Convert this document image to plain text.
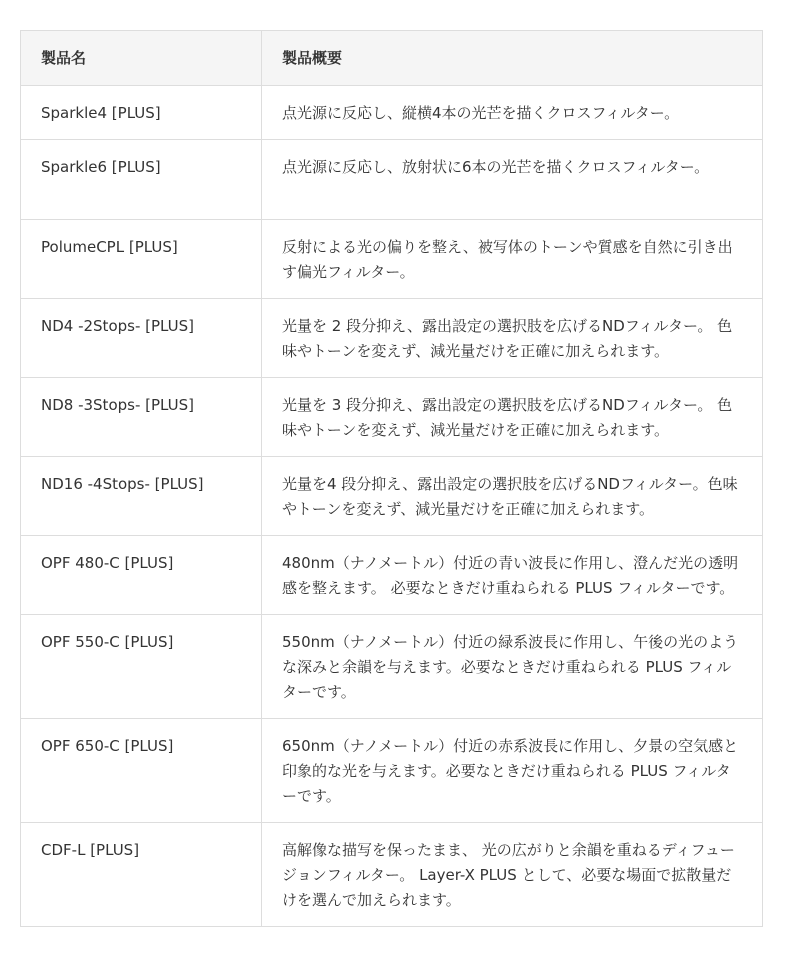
製品名	製品概要
Sparkle4 [PLUS]	点光源に反応し、縦横4本の光芒を描くクロスフィルター。
Sparkle6 [PLUS]	点光源に反応し、放射状に6本の光芒を描くクロスフィルター。
PolumeCPL [PLUS]	反射による光の偏りを整え、被写体のトーンや質感を自然に引き出す偏光フィルター。
ND4 -2Stops- [PLUS]	光量を 2 段分抑え、露出設定の選択肢を広げるNDフィルター。 色味やトーンを変えず、減光量だけを正確に加えられます。
ND8 -3Stops- [PLUS]	光量を 3 段分抑え、露出設定の選択肢を広げるNDフィルター。 色味やトーンを変えず、減光量だけを正確に加えられます。
ND16 -4Stops- [PLUS]	光量を4 段分抑え、露出設定の選択肢を広げるNDフィルター。色味やトーンを変えず、減光量だけを正確に加えられます。
OPF 480-C [PLUS]	480nm（ナノメートル）付近の青い波長に作用し、澄んだ光の透明感を整えます。 必要なときだけ重ねられる PLUS フィルターです。
OPF 550-C [PLUS]	550nm（ナノメートル）付近の緑系波長に作用し、午後の光のような深みと余韻を与えます。必要なときだけ重ねられる PLUS フィルターです。
OPF 650-C [PLUS]	650nm（ナノメートル）付近の赤系波長に作用し、夕景の空気感と印象的な光を与えます。必要なときだけ重ねられる PLUS フィルターです。
CDF-L [PLUS]	高解像な描写を保ったまま、 光の広がりと余韻を重ねるディフュージョンフィルター。 Layer-X PLUS として、必要な場面で拡散量だけを選んで加えられます。
